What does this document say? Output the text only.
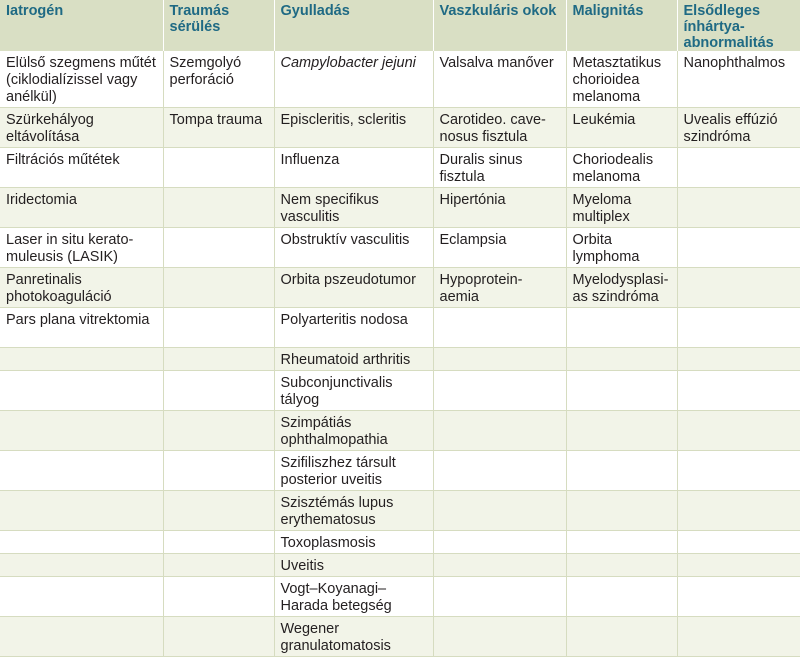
Iatrogén	Traumás sérülés	Gyulladás	Vaszkuláris okok	Malignitás	Elsődleges ínhártya-abnormalitás
Elülső szegmens műtét (ciklodialízissel vagy anélkül)	Szemgolyó perforáció	Campylobacter jejuni	Valsalva manőver	Metasztatikus chorioidea melanoma	Nanophthalmos
Szürkehályog eltávolítása	Tompa trauma	Episcleritis, scleritis	Carotideo. cave-nosus fisztula	Leukémia	Uvealis effúzió szindróma
Filtrációs műtétek		Influenza	Duralis sinus fisztula	Choriodealis melanoma	
Iridectomia		Nem specifikus vasculitis	Hipertónia	Myeloma multiplex	
Laser in situ kerato-muleusis (LASIK)		Obstruktív vasculitis	Eclampsia	Orbita lymphoma	
Panretinalis photokoaguláció		Orbita pszeudotumor	Hypoprotein-aemia	Myelodysplasi-as szindróma	
Pars plana vitrektomia		Polyarteritis nodosa			
		Rheumatoid arthritis			
		Subconjunctivalis tályog			
		Szimpátiás ophthalmopathia			
		Szifiliszhez társult posterior uveitis			
		Szisztémás lupus erythematosus			
		Toxoplasmosis			
		Uveitis			
		Vogt–Koyanagi–Harada betegség			
		Wegener granulatomatosis			
